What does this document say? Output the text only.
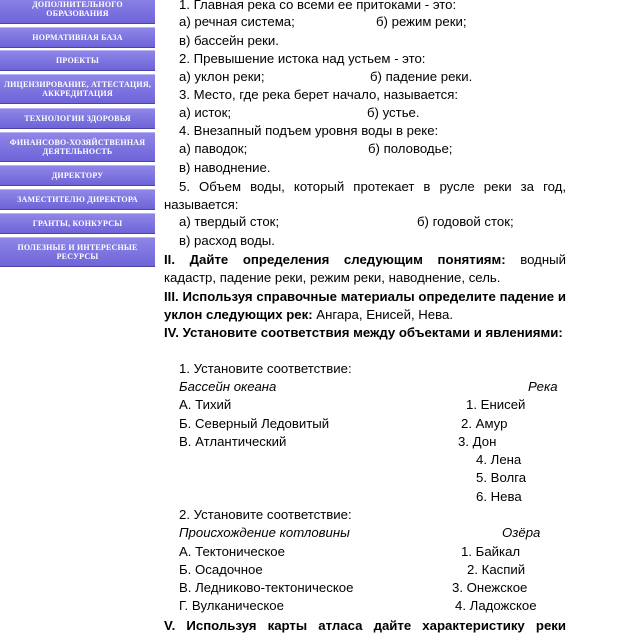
ДОПОЛНИТЕЛЬНОГО ОБРАЗОВАНИЯ
НОРМАТИВНАЯ БАЗА
ПРОЕКТЫ
ЛИЦЕНЗИРОВАНИЕ, АТТЕСТАЦИЯ, АККРЕДИТАЦИЯ
ТЕХНОЛОГИИ ЗДОРОВЬЯ
ФИНАНСОВО-ХОЗЯЙСТВЕННАЯ ДЕЯТЕЛЬНОСТЬ
ДИРЕКТОРУ
ЗАМЕСТИТЕЛЮ ДИРЕКТОРА
ГРАНТЫ, КОНКУРСЫ
ПОЛЕЗНЫЕ И ИНТЕРЕСНЫЕ РЕСУРСЫ
1. Главная река со всеми ее притоками - это:
а) речная система;	б) режим реки;
в) бассейн реки.
2. Превышение истока над устьем - это:
а) уклон реки;	б) падение реки.
3. Место, где река берет начало, называется:
а) исток;	б) устье.
4. Внезапный подъем уровня воды в реке:
а) паводок;	б) половодье;
в) наводнение.
5. Объем воды, который протекает в русле реки за год, называется:
а) твердый сток;	б) годовой сток;
в) расход воды.
II. Дайте определения следующим понятиям: водный кадастр, падение реки, режим реки, наводнение, сель.
III. Используя справочные материалы определите падение и уклон следующих рек: Ангара, Енисей, Нева.
IV. Установите соответствия между объектами и явлениями:
1. Установите соответствие:
Бассейн океана	Река
А. Тихий	1. Енисей
Б. Северный Ледовитый	2. Амур
В. Атлантический	3. Дон
4. Лена
5. Волга
6. Нева
2. Установите соответствие:
Происхождение котловины	Озёра
А. Тектоническое	1. Байкал
Б. Осадочное	2. Каспий
В. Ледниково-тектоническое	3. Онежское
Г. Вулканическое	4. Ладожское
V. Используя карты атласа дайте характеристику реки
